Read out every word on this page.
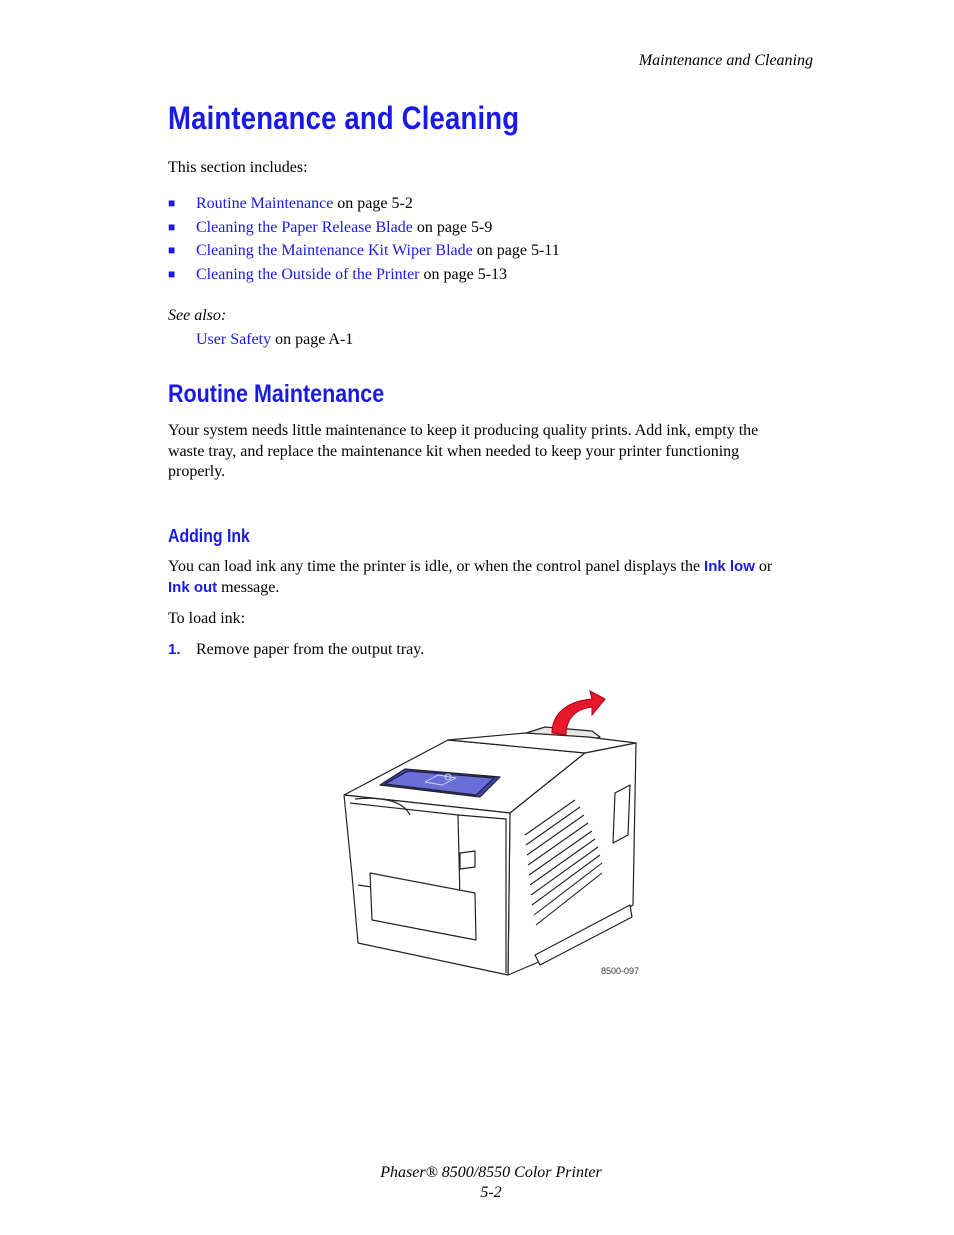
Maintenance and Cleaning
Maintenance and Cleaning
This section includes:
■ Routine Maintenance on page 5-2
■ Cleaning the Paper Release Blade on page 5-9
■ Cleaning the Maintenance Kit Wiper Blade on page 5-11
■ Cleaning the Outside of the Printer on page 5-13
See also:
User Safety on page A-1
Routine Maintenance
Your system needs little maintenance to keep it producing quality prints. Add ink, empty the
waste tray, and replace the maintenance kit when needed to keep your printer functioning
properly.
Adding Ink
You can load ink any time the printer is idle, or when the control panel displays the Ink low or
Ink out message.
To load ink:
1. Remove paper from the output tray.
8500-097
Phaser® 8500/8550 Color Printer
5-2
